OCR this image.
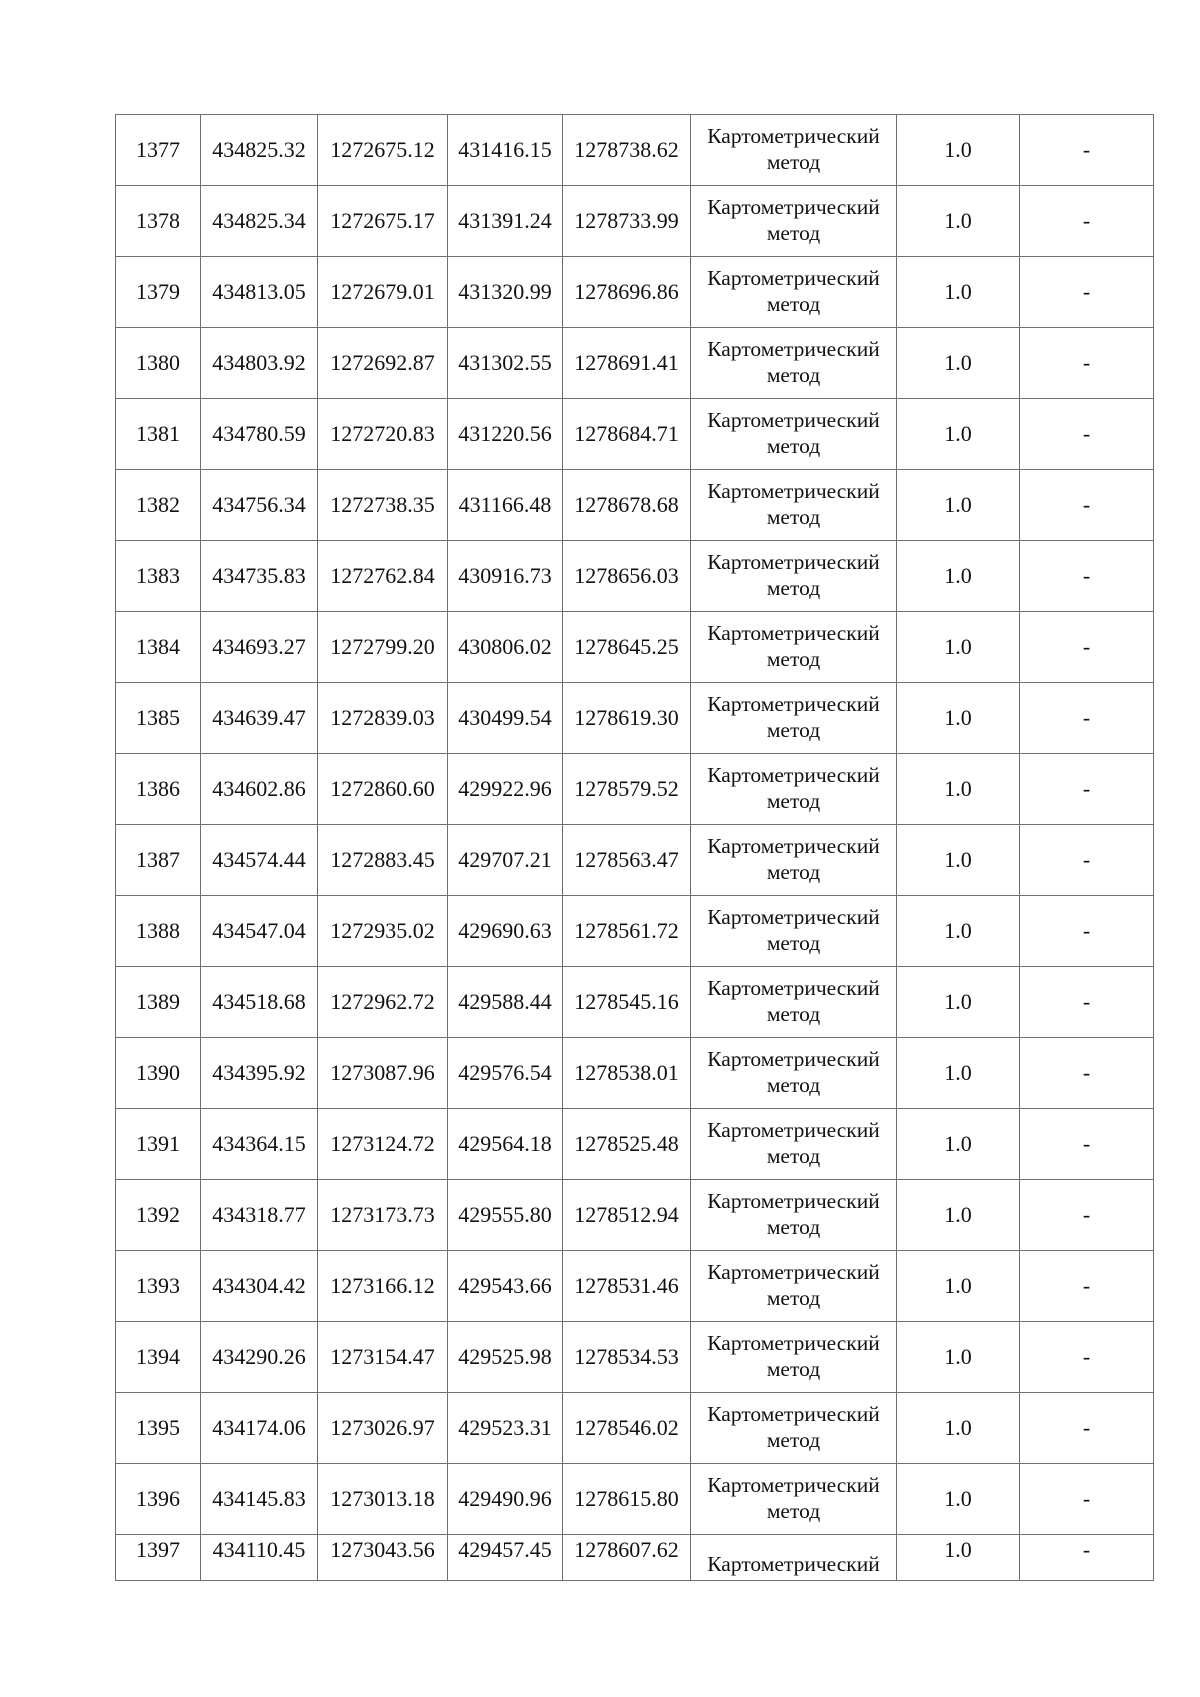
1377	434825.32	1272675.12	431416.15	1278738.62	Картометрический метод	1.0	-
1378	434825.34	1272675.17	431391.24	1278733.99	Картометрический метод	1.0	-
1379	434813.05	1272679.01	431320.99	1278696.86	Картометрический метод	1.0	-
1380	434803.92	1272692.87	431302.55	1278691.41	Картометрический метод	1.0	-
1381	434780.59	1272720.83	431220.56	1278684.71	Картометрический метод	1.0	-
1382	434756.34	1272738.35	431166.48	1278678.68	Картометрический метод	1.0	-
1383	434735.83	1272762.84	430916.73	1278656.03	Картометрический метод	1.0	-
1384	434693.27	1272799.20	430806.02	1278645.25	Картометрический метод	1.0	-
1385	434639.47	1272839.03	430499.54	1278619.30	Картометрический метод	1.0	-
1386	434602.86	1272860.60	429922.96	1278579.52	Картометрический метод	1.0	-
1387	434574.44	1272883.45	429707.21	1278563.47	Картометрический метод	1.0	-
1388	434547.04	1272935.02	429690.63	1278561.72	Картометрический метод	1.0	-
1389	434518.68	1272962.72	429588.44	1278545.16	Картометрический метод	1.0	-
1390	434395.92	1273087.96	429576.54	1278538.01	Картометрический метод	1.0	-
1391	434364.15	1273124.72	429564.18	1278525.48	Картометрический метод	1.0	-
1392	434318.77	1273173.73	429555.80	1278512.94	Картометрический метод	1.0	-
1393	434304.42	1273166.12	429543.66	1278531.46	Картометрический метод	1.0	-
1394	434290.26	1273154.47	429525.98	1278534.53	Картометрический метод	1.0	-
1395	434174.06	1273026.97	429523.31	1278546.02	Картометрический метод	1.0	-
1396	434145.83	1273013.18	429490.96	1278615.80	Картометрический метод	1.0	-
1397	434110.45	1273043.56	429457.45	1278607.62	Картометрический	1.0	-
